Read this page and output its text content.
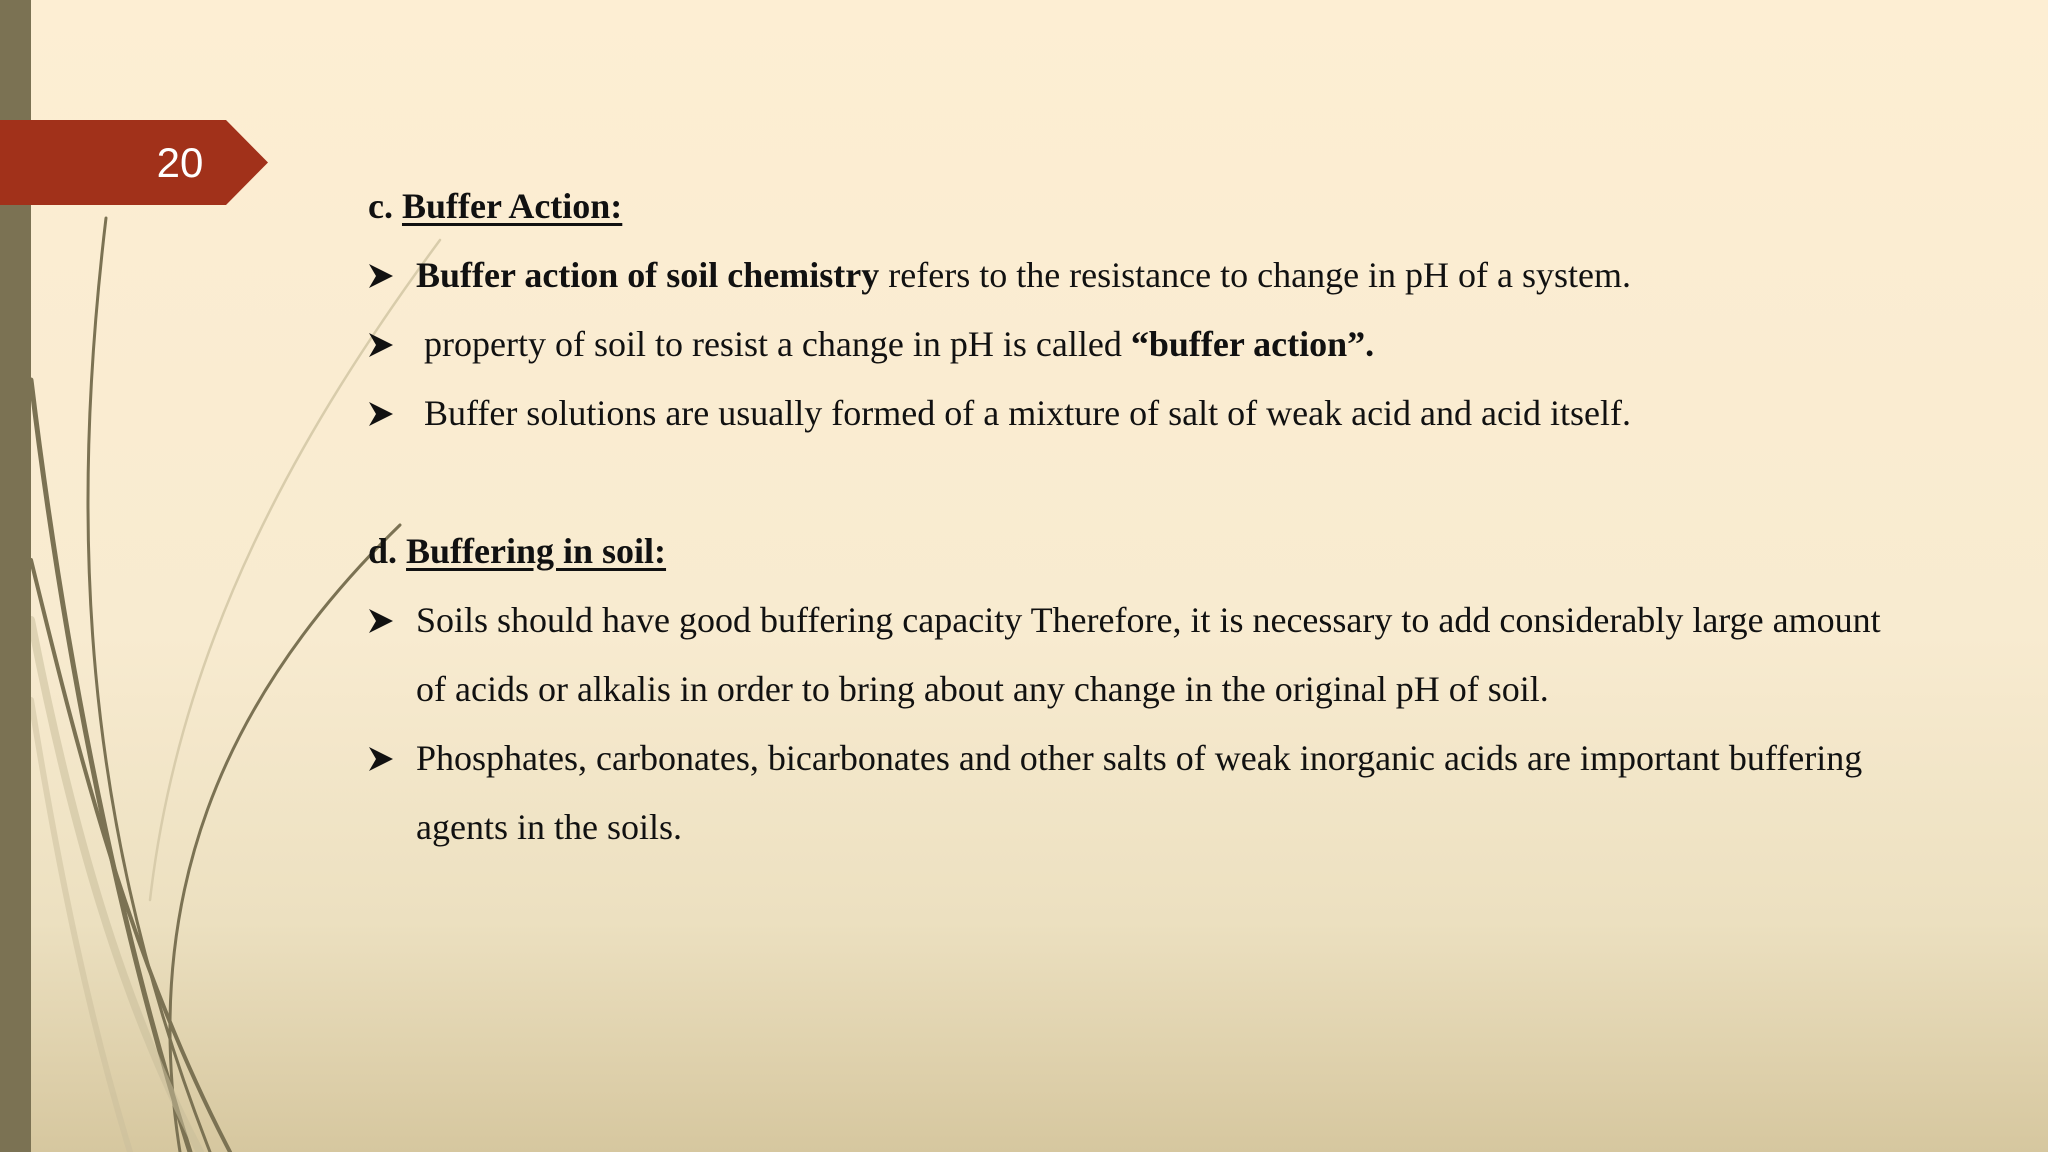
20
c. Buffer Action:
Buffer action of soil chemistry refers to the resistance to change in pH of a system.
property of soil to resist a change in pH is called “buffer action”.
Buffer solutions are usually formed of a mixture of salt of weak acid and acid itself.
d. Buffering in soil:
Soils should have good buffering capacity Therefore, it is necessary to add considerably large amount of acids or alkalis in order to bring about any change in the original pH of soil.
Phosphates, carbonates, bicarbonates and other salts of weak inorganic acids are important buffering agents in the soils.
